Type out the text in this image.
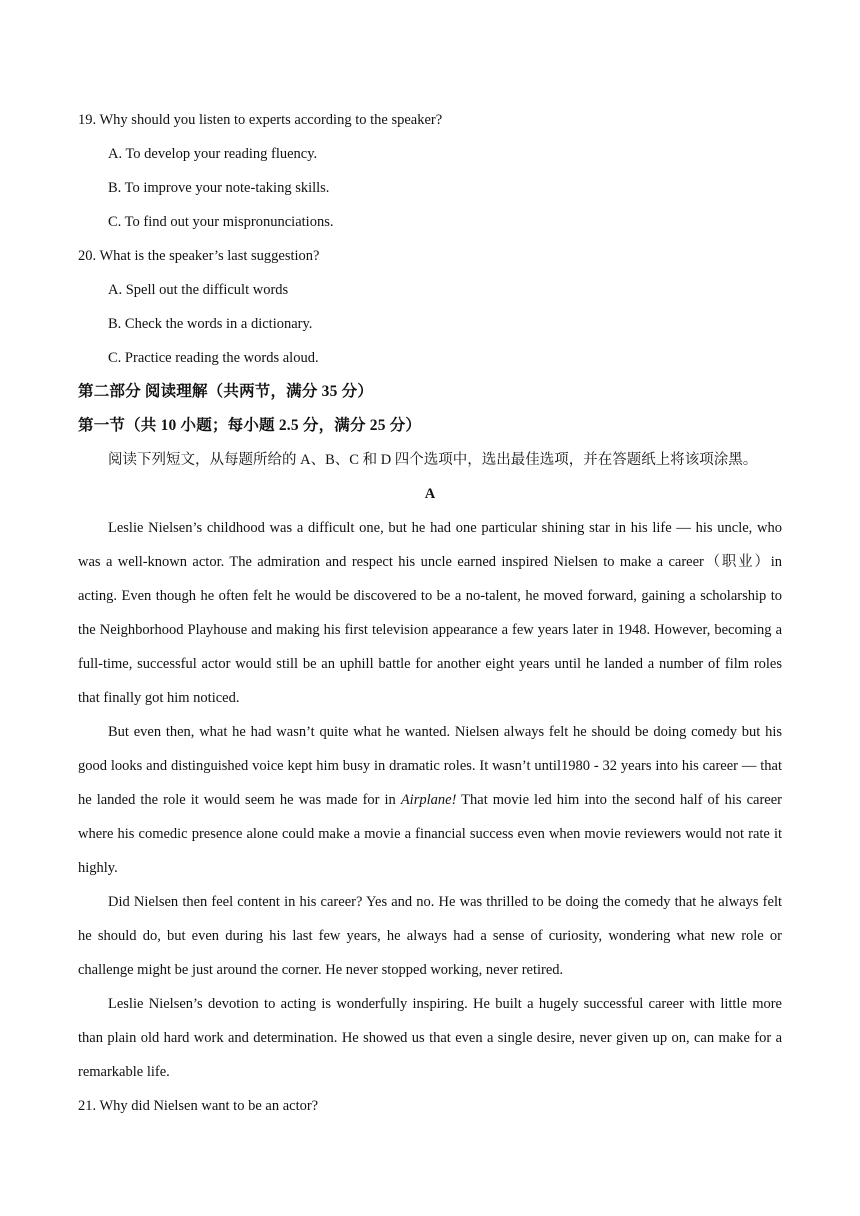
19. Why should you listen to experts according to the speaker?
A. To develop your reading fluency.
B. To improve your note-taking skills.
C. To find out your mispronunciations.
20. What is the speaker’s last suggestion?
A. Spell out the difficult words
B. Check the words in a dictionary.
C. Practice reading the words aloud.
第二部分 阅读理解（共两节，满分 35 分）
第一节（共 10 小题；每小题 2.5 分，满分 25 分）
阅读下列短文，从每题所给的 A、B、C 和 D 四个选项中，选出最佳选项，并在答题纸上将该项涂黑。
A

Leslie Nielsen’s childhood was a difficult one, but he had one particular shining star in his life — his uncle, who was a well-known actor. The admiration and respect his uncle earned inspired Nielsen to make a career（职业）in acting. Even though he often felt he would be discovered to be a no-talent, he moved forward, gaining a scholarship to the Neighborhood Playhouse and making his first television appearance a few years later in 1948. However, becoming a full-time, successful actor would still be an uphill battle for another eight years until he landed a number of film roles that finally got him noticed.

But even then, what he had wasn’t quite what he wanted. Nielsen always felt he should be doing comedy but his good looks and distinguished voice kept him busy in dramatic roles. It wasn’t until1980 - 32 years into his career — that he landed the role it would seem he was made for in Airplane! That movie led him into the second half of his career where his comedic presence alone could make a movie a financial success even when movie reviewers would not rate it highly.

Did Nielsen then feel content in his career? Yes and no. He was thrilled to be doing the comedy that he always felt he should do, but even during his last few years, he always had a sense of curiosity, wondering what new role or challenge might be just around the corner. He never stopped working, never retired.

Leslie Nielsen’s devotion to acting is wonderfully inspiring. He built a hugely successful career with little more than plain old hard work and determination. He showed us that even a single desire, never given up on, can make for a remarkable life.

21. Why did Nielsen want to be an actor?
